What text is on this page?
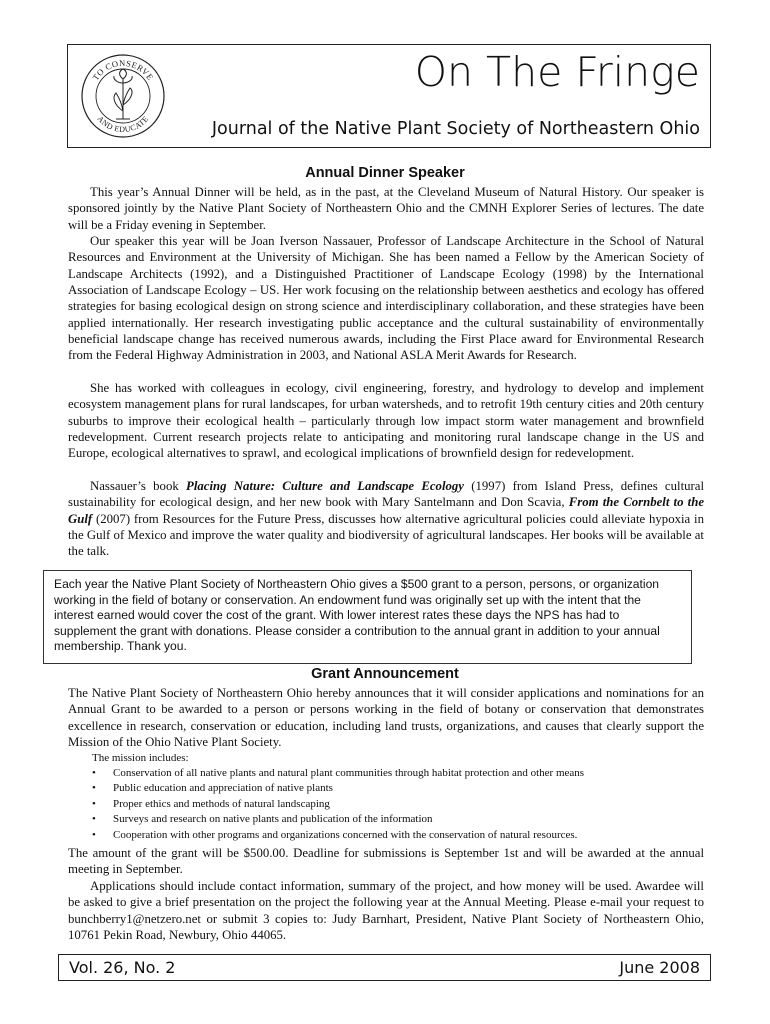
TO CONSERVE
AND EDUCATE
On The Fringe
Journal of the Native Plant Society of Northeastern Ohio
Annual Dinner Speaker

This year’s Annual Dinner will be held, as in the past, at the Cleveland Museum of Natural History. Our speaker is sponsored jointly by the Native Plant Society of Northeastern Ohio and the CMNH Explorer Series of lectures. The date will be a Friday evening in September.

Our speaker this year will be Joan Iverson Nassauer, Professor of Landscape Architecture in the School of Natural Resources and Environment at the University of Michigan. She has been named a Fellow by the American Society of Landscape Architects (1992), and a Distinguished Practitioner of Landscape Ecology (1998) by the International Association of Landscape Ecology – US. Her work focusing on the relationship between aesthetics and ecology has offered strategies for basing ecological design on strong science and interdisciplinary collaboration, and these strategies have been applied internationally. Her research investigating public acceptance and the cultural sustainability of environmentally beneficial landscape change has received numerous awards, including the First Place award for Environmental Research from the Federal Highway Administration in 2003, and National ASLA Merit Awards for Research.

She has worked with colleagues in ecology, civil engineering, forestry, and hydrology to develop and implement ecosystem management plans for rural landscapes, for urban watersheds, and to retrofit 19th century cities and 20th century suburbs to improve their ecological health – particularly through low impact storm water management and brownfield redevelopment. Current research projects relate to anticipating and monitoring rural landscape change in the US and Europe, ecological alternatives to sprawl, and ecological implications of brownfield design for redevelopment.

Nassauer’s book Placing Nature: Culture and Landscape Ecology (1997) from Island Press, defines cultural sustainability for ecological design, and her new book with Mary Santelmann and Don Scavia, From the Cornbelt to the Gulf (2007) from Resources for the Future Press, discusses how alternative agricultural policies could alleviate hypoxia in the Gulf of Mexico and improve the water quality and biodiversity of agricultural landscapes. Her books will be available at the talk.

Each year the Native Plant Society of Northeastern Ohio gives a $500 grant to a person, persons, or organization working in the field of botany or conservation. An endowment fund was originally set up with the intent that the interest earned would cover the cost of the grant. With lower interest rates these days the NPS has had to supplement the grant with donations. Please consider a contribution to the annual grant in addition to your annual membership. Thank you.
Grant Announcement

The Native Plant Society of Northeastern Ohio hereby announces that it will consider applications and nominations for an Annual Grant to be awarded to a person or persons working in the field of botany or conservation that demonstrates excellence in research, conservation or education, including land trusts, organizations, and causes that clearly support the Mission of the Ohio Native Plant Society.

The mission includes:
• Conservation of all native plants and natural plant communities through habitat protection and other means
• Public education and appreciation of native plants
• Proper ethics and methods of natural landscaping
• Surveys and research on native plants and publication of the information
• Cooperation with other programs and organizations concerned with the conservation of natural resources.

The amount of the grant will be $500.00. Deadline for submissions is September 1st and will be awarded at the annual meeting in September.

Applications should include contact information, summary of the project, and how money will be used. Awardee will be asked to give a brief presentation on the project the following year at the Annual Meeting. Please e-mail your request to bunchberry1@netzero.net or submit 3 copies to: Judy Barnhart, President, Native Plant Society of Northeastern Ohio, 10761 Pekin Road, Newbury, Ohio 44065.

Vol. 26, No. 2	June 2008
